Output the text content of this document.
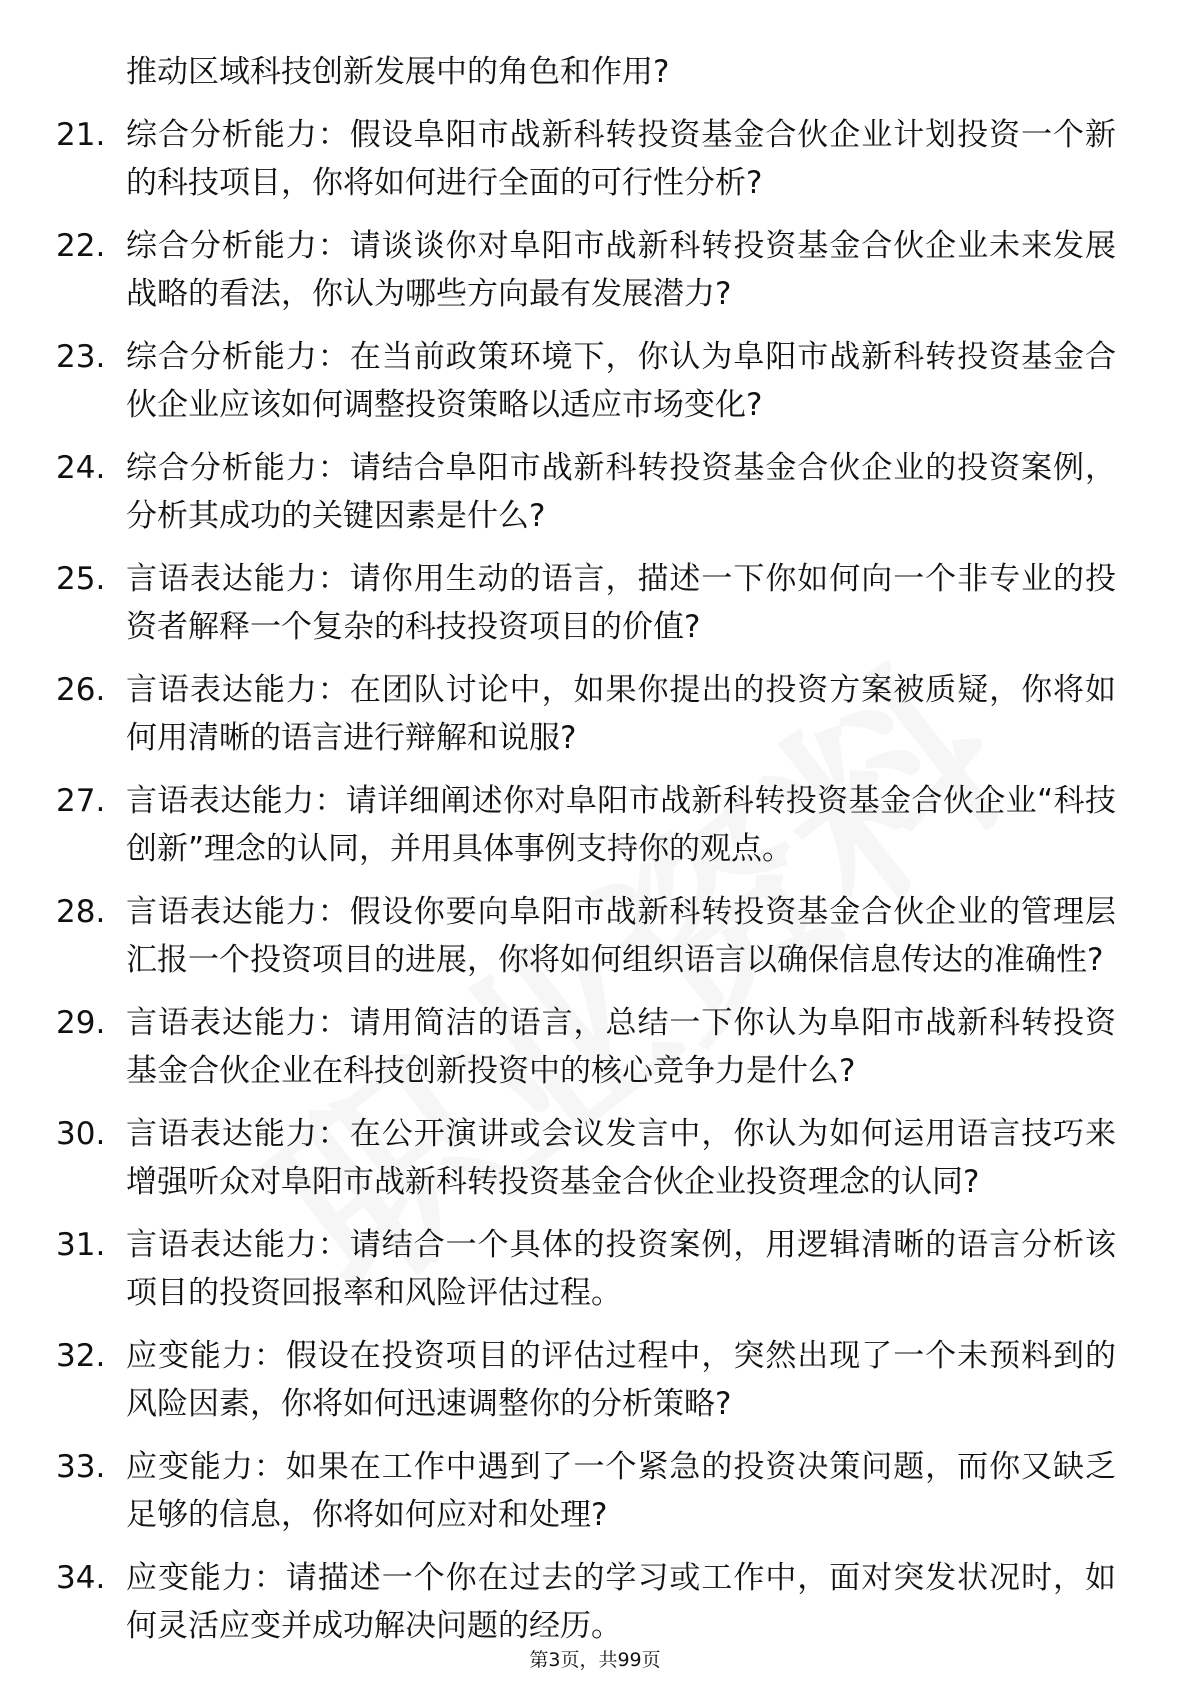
推动区域科技创新发展中的角色和作用?

21. 综合分析能力：假设阜阳市战新科转投资基金合伙企业计划投资一个新的科技项目，你将如何进行全面的可行性分析?
22. 综合分析能力：请谈谈你对阜阳市战新科转投资基金合伙企业未来发展战略的看法，你认为哪些方向最有发展潜力?
23. 综合分析能力：在当前政策环境下，你认为阜阳市战新科转投资基金合伙企业应该如何调整投资策略以适应市场变化?
24. 综合分析能力：请结合阜阳市战新科转投资基金合伙企业的投资案例，分析其成功的关键因素是什么?
25. 言语表达能力：请你用生动的语言，描述一下你如何向一个非专业的投资者解释一个复杂的科技投资项目的价值?
26. 言语表达能力：在团队讨论中，如果你提出的投资方案被质疑，你将如何用清晰的语言进行辩解和说服?
27. 言语表达能力：请详细阐述你对阜阳市战新科转投资基金合伙企业“科技创新”理念的认同，并用具体事例支持你的观点。
28. 言语表达能力：假设你要向阜阳市战新科转投资基金合伙企业的管理层汇报一个投资项目的进展，你将如何组织语言以确保信息传达的准确性?
29. 言语表达能力：请用简洁的语言，总结一下你认为阜阳市战新科转投资基金合伙企业在科技创新投资中的核心竞争力是什么?
30. 言语表达能力：在公开演讲或会议发言中，你认为如何运用语言技巧来增强听众对阜阳市战新科转投资基金合伙企业投资理念的认同?
31. 言语表达能力：请结合一个具体的投资案例，用逻辑清晰的语言分析该项目的投资回报率和风险评估过程。
32. 应变能力：假设在投资项目的评估过程中，突然出现了一个未预料到的风险因素，你将如何迅速调整你的分析策略?
33. 应变能力：如果在工作中遇到了一个紧急的投资决策问题，而你又缺乏足够的信息，你将如何应对和处理?
34. 应变能力：请描述一个你在过去的学习或工作中，面对突发状况时，如何灵活应变并成功解决问题的经历。
第3页，共99页
